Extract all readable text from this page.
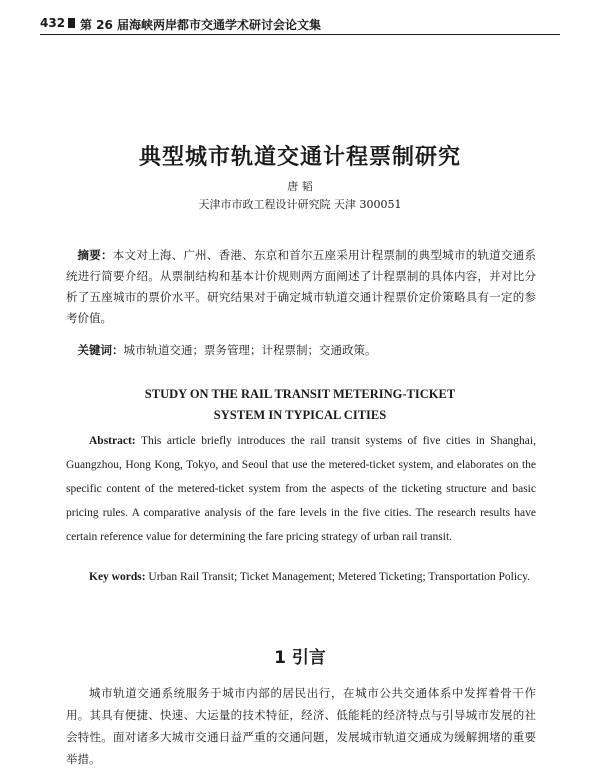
432 第 26 届海峡两岸都市交通学术研讨会论文集
典型城市轨道交通计程票制研究
唐 韬
天津市市政工程设计研究院 天津 300051
摘要：本文对上海、广州、香港、东京和首尔五座采用计程票制的典型城市的轨道交通系统进行简要介绍。从票制结构和基本计价规则两方面阐述了计程票制的具体内容，并对比分析了五座城市的票价水平。研究结果对于确定城市轨道交通计程票价定价策略具有一定的参考价值。
关键词：城市轨道交通；票务管理；计程票制；交通政策。
STUDY ON THE RAIL TRANSIT METERING-TICKET
SYSTEM IN TYPICAL CITIES
Abstract: This article briefly introduces the rail transit systems of five cities in Shanghai, Guangzhou, Hong Kong, Tokyo, and Seoul that use the metered-ticket system, and elaborates on the specific content of the metered-ticket system from the aspects of the ticketing structure and basic pricing rules. A comparative analysis of the fare levels in the five cities. The research results have certain reference value for determining the fare pricing strategy of urban rail transit.
Key words: Urban Rail Transit; Ticket Management; Metered Ticketing; Transportation Policy.
1 引言
城市轨道交通系统服务于城市内部的居民出行，在城市公共交通体系中发挥着骨干作用。其具有便捷、快速、大运量的技术特征，经济、低能耗的经济特点与引导城市发展的社会特性。面对诸多大城市交通日益严重的交通问题，发展城市轨道交通成为缓解拥堵的重要举措。
